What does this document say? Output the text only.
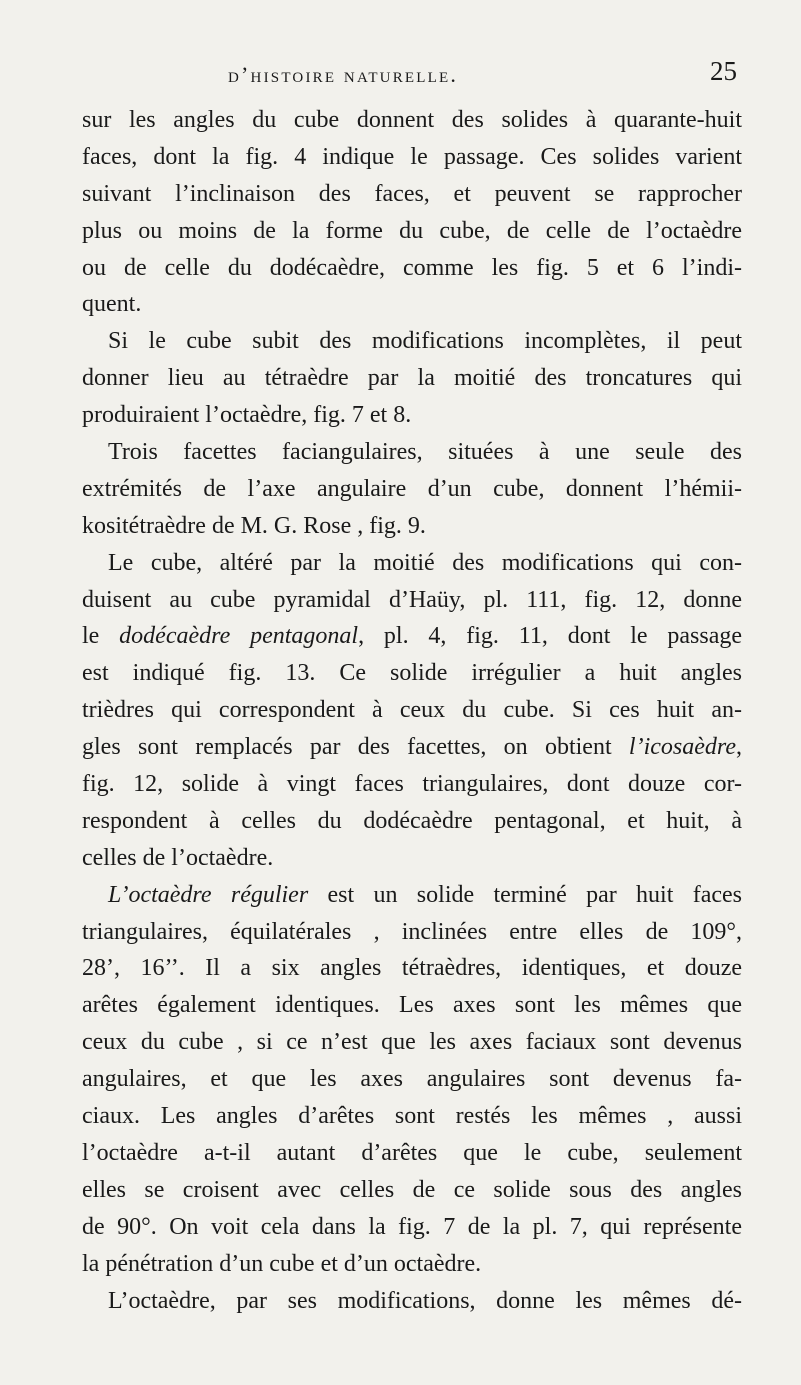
d’histoire naturelle.	25
sur les angles du cube donnent des solides à quarante-huit
faces, dont la fig. 4 indique le passage. Ces solides varient
suivant l’inclinaison des faces, et peuvent se rapprocher
plus ou moins de la forme du cube, de celle de l’octaèdre
ou de celle du dodécaèdre, comme les fig. 5 et 6 l’indi-
quent.
Si le cube subit des modifications incomplètes, il peut
donner lieu au tétraèdre par la moitié des troncatures qui
produiraient l’octaèdre, fig. 7 et 8.
Trois facettes faciangulaires, situées à une seule des
extrémités de l’axe angulaire d’un cube, donnent l’hémii-
kositétraèdre de M. G. Rose , fig. 9.
Le cube, altéré par la moitié des modifications qui con-
duisent au cube pyramidal d’Haüy, pl. 111, fig. 12, donne
le dodécaèdre pentagonal, pl. 4, fig. 11, dont le passage
est indiqué fig. 13. Ce solide irrégulier a huit angles
trièdres qui correspondent à ceux du cube. Si ces huit an-
gles sont remplacés par des facettes, on obtient l’icosaèdre,
fig. 12, solide à vingt faces triangulaires, dont douze cor-
respondent à celles du dodécaèdre pentagonal, et huit, à
celles de l’octaèdre.
L’octaèdre régulier est un solide terminé par huit faces
triangulaires, équilatérales , inclinées entre elles de 109°,
28’, 16’’. Il a six angles tétraèdres, identiques, et douze
arêtes également identiques. Les axes sont les mêmes que
ceux du cube , si ce n’est que les axes faciaux sont devenus
angulaires, et que les axes angulaires sont devenus fa-
ciaux. Les angles d’arêtes sont restés les mêmes , aussi
l’octaèdre a-t-il autant d’arêtes que le cube, seulement
elles se croisent avec celles de ce solide sous des angles
de 90°. On voit cela dans la fig. 7 de la pl. 7, qui représente
la pénétration d’un cube et d’un octaèdre.
L’octaèdre, par ses modifications, donne les mêmes dé-
